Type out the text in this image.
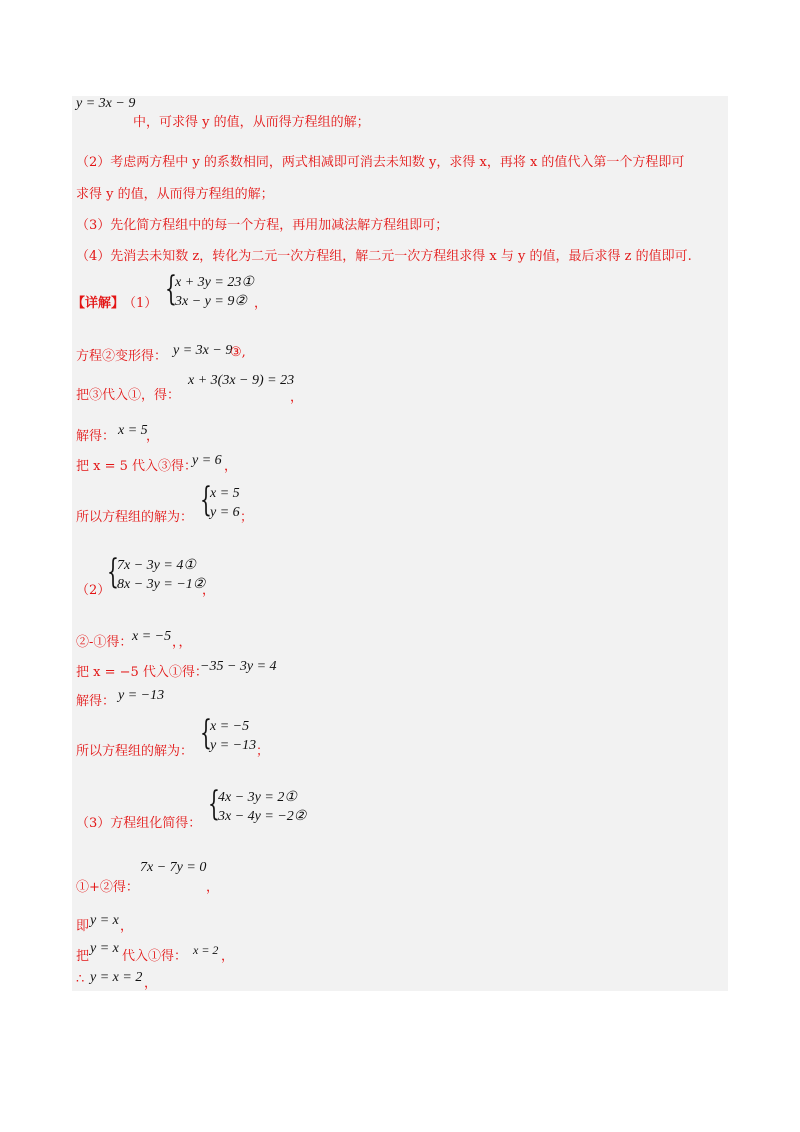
y = 3x − 9
中，可求得 y 的值，从而得方程组的解；
（2）考虑两方程中 y 的系数相同，两式相减即可消去未知数 y，求得 x，再将 x 的值代入第一个方程即可
求得 y 的值，从而得方程组的解；
（3）先化简方程组中的每一个方程，再用加减法解方程组即可；
（4）先消去未知数 z，转化为二元一次方程组，解二元一次方程组求得 x 与 y 的值，最后求得 z 的值即可.
【详解】
（1） {
x + 3y = 23①
3x − y = 9② ，
方程②变形得： y = 3x − 9
③,
把③代入①，得：
x + 3(3x − 9) = 23
，
解得： x = 5
，
把 x = 5 代入③得：
y = 6 ，
所以方程组的解为： {
x = 5
y = 6 ；
（2）
{
7x − 3y = 4①
8x − 3y = −1②
，
②-①得： x = −5 ，，
把 x = −5 代入①得：
−35 − 3y = 4
解得： y = −13
所以方程组的解为： {
x = −5
y = −13 ；
（3）方程组化简得： {
4x − 3y = 2①
3x − 4y = −2②
①+②得：
7x − 7y = 0
，
即 y = x ，
把
y = x
代入①得： x = 2 ，
∴ y = x = 2 ，
